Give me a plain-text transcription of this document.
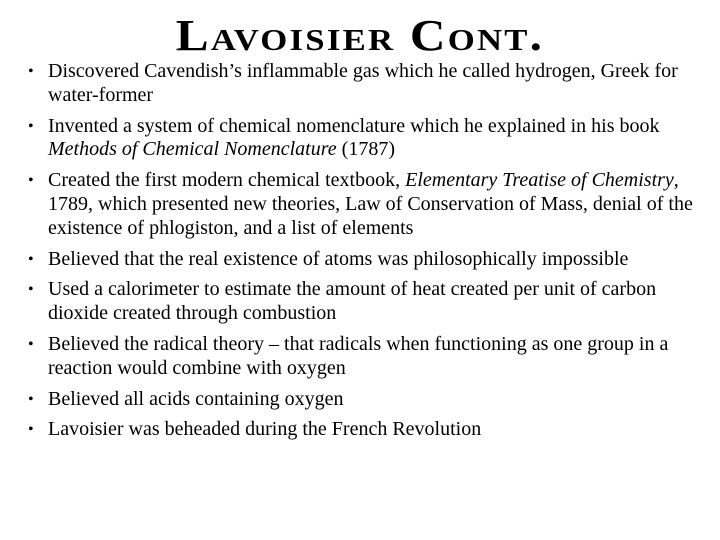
Lavoisier Cont.
• Discovered Cavendish’s inflammable gas which he called hydrogen, Greek for water-former
• Invented a system of chemical nomenclature which he explained in his book Methods of Chemical Nomenclature (1787)
• Created the first modern chemical textbook, Elementary Treatise of Chemistry, 1789, which presented new theories, Law of Conservation of Mass, denial of the existence of phlogiston, and a list of elements
• Believed that the real existence of atoms was philosophically impossible
• Used a calorimeter to estimate the amount of heat created per unit of carbon dioxide created through combustion
• Believed the radical theory – that radicals when functioning as one group in a reaction would combine with oxygen
• Believed all acids containing oxygen
• Lavoisier was beheaded during the French Revolution
